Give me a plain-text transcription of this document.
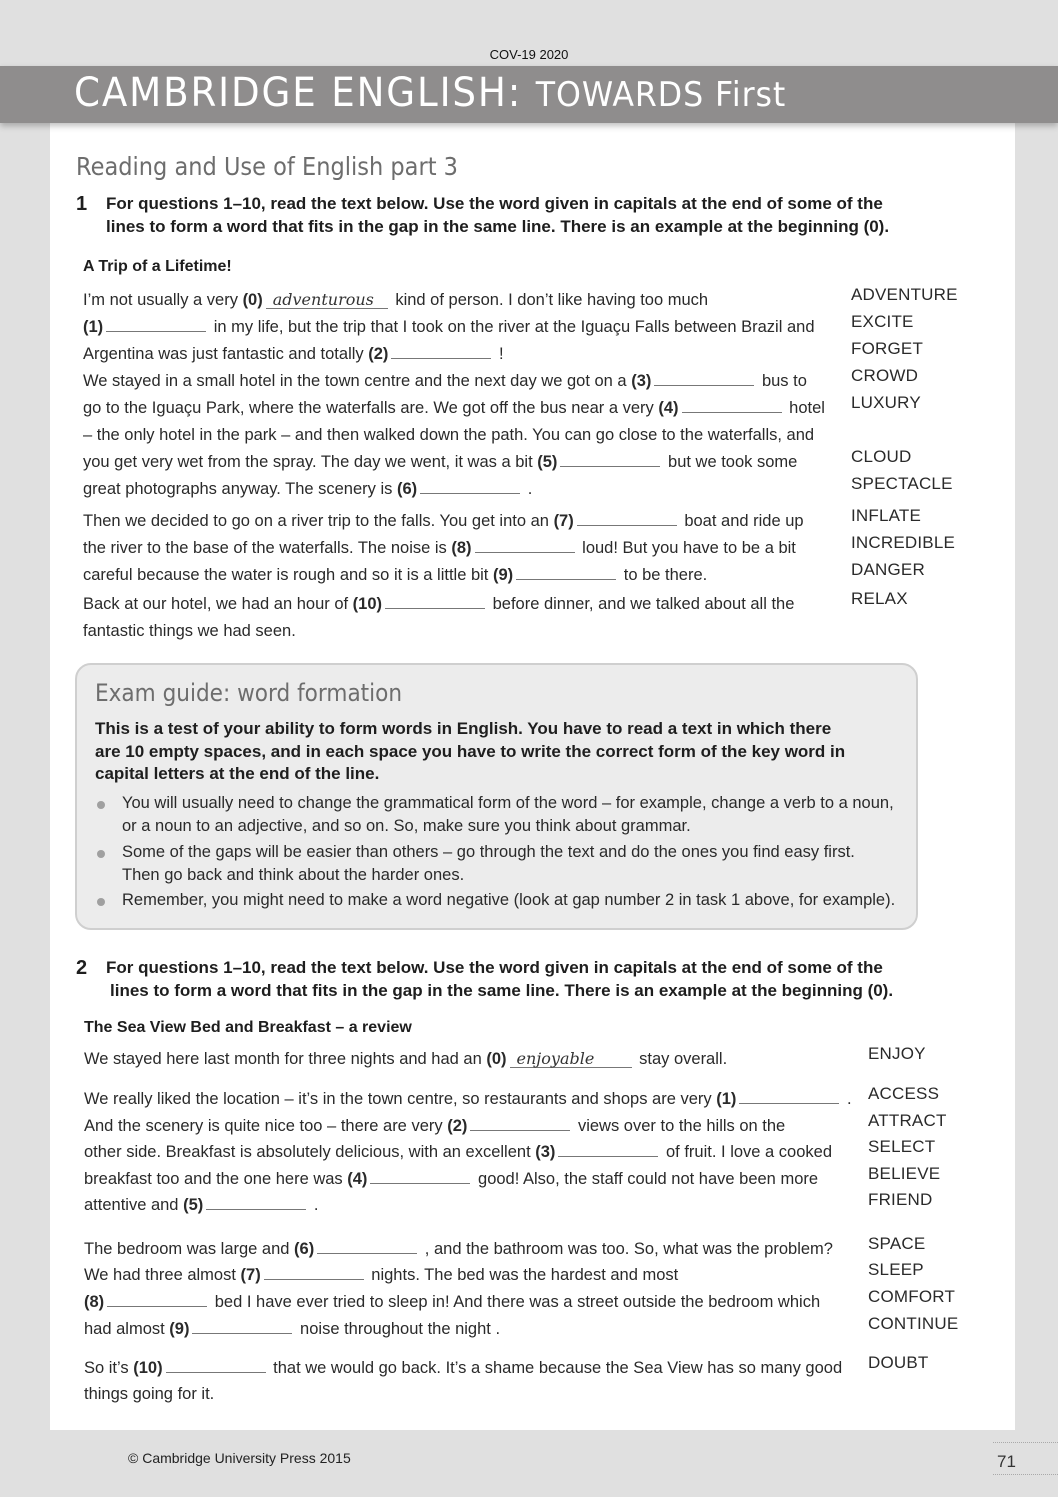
COV-19 2020
CAMBRIDGE ENGLISH: TOWARDS First
Reading and Use of English part 3
1 For questions 1–10, read the text below. Use the word given in capitals at the end of some of the
lines to form a word that fits in the gap in the same line. There is an example at the beginning (0).
A Trip of a Lifetime!
ADVENTURE
I’m not usually a very (0) adventurous kind of person. I don’t like having too much
EXCITE
(1)	in my life, but the trip that I took on the river at the Iguaçu Falls between Brazil and
FORGET
Argentina was just fantastic and totally (2)	!
CROWD
We stayed in a small hotel in the town centre and the next day we got on a (3)	bus to
LUXURY
go to the Iguaçu Park, where the waterfalls are. We got off the bus near a very (4)	hotel
– the only hotel in the park – and then walked down the path. You can go close to the waterfalls, and
CLOUD
you get very wet from the spray. The day we went, it was a bit (5)	but we took some
SPECTACLE
great photographs anyway. The scenery is (6)	.
INFLATE
Then we decided to go on a river trip to the falls. You get into an (7)	boat and ride up
INCREDIBLE
the river to the base of the waterfalls. The noise is (8)	loud! But you have to be a bit
DANGER
careful because the water is rough and so it is a little bit (9)	to be there.
RELAX
Back at our hotel, we had an hour of (10)	before dinner, and we talked about all the
fantastic things we had seen.
Exam guide: word formation
This is a test of your ability to form words in English. You have to read a text in which there
are 10 empty spaces, and in each space you have to write the correct form of the key word in
capital letters at the end of the line.
You will usually need to change the grammatical form of the word – for example, change a verb to a noun,
or a noun to an adjective, and so on. So, make sure you think about grammar.
Some of the gaps will be easier than others – go through the text and do the ones you find easy first.
Then go back and think about the harder ones.
Remember, you might need to make a word negative (look at gap number 2 in task 1 above, for example).
2 For questions 1–10, read the text below. Use the word given in capitals at the end of some of the
lines to form a word that fits in the gap in the same line. There is an example at the beginning (0).
The Sea View Bed and Breakfast – a review
ENJOY
We stayed here last month for three nights and had an (0) enjoyable stay overall.
ACCESS
We really liked the location – it’s in the town centre, so restaurants and shops are very (1)	.
ATTRACT
And the scenery is quite nice too – there are very (2)	views over to the hills on the
SELECT
other side. Breakfast is absolutely delicious, with an excellent (3)	of fruit. I love a cooked
BELIEVE
breakfast too and the one here was (4)	good! Also, the staff could not have been more
FRIEND
attentive and (5)	.
SPACE
The bedroom was large and (6)	, and the bathroom was too. So, what was the problem?
SLEEP
We had three almost (7)	nights. The bed was the hardest and most
COMFORT
(8)	bed I have ever tried to sleep in! And there was a street outside the bedroom which
CONTINUE
had almost (9)	noise throughout the night .
DOUBT
So it’s (10)	that we would go back. It’s a shame because the Sea View has so many good
things going for it.
© Cambridge University Press 2015	71
